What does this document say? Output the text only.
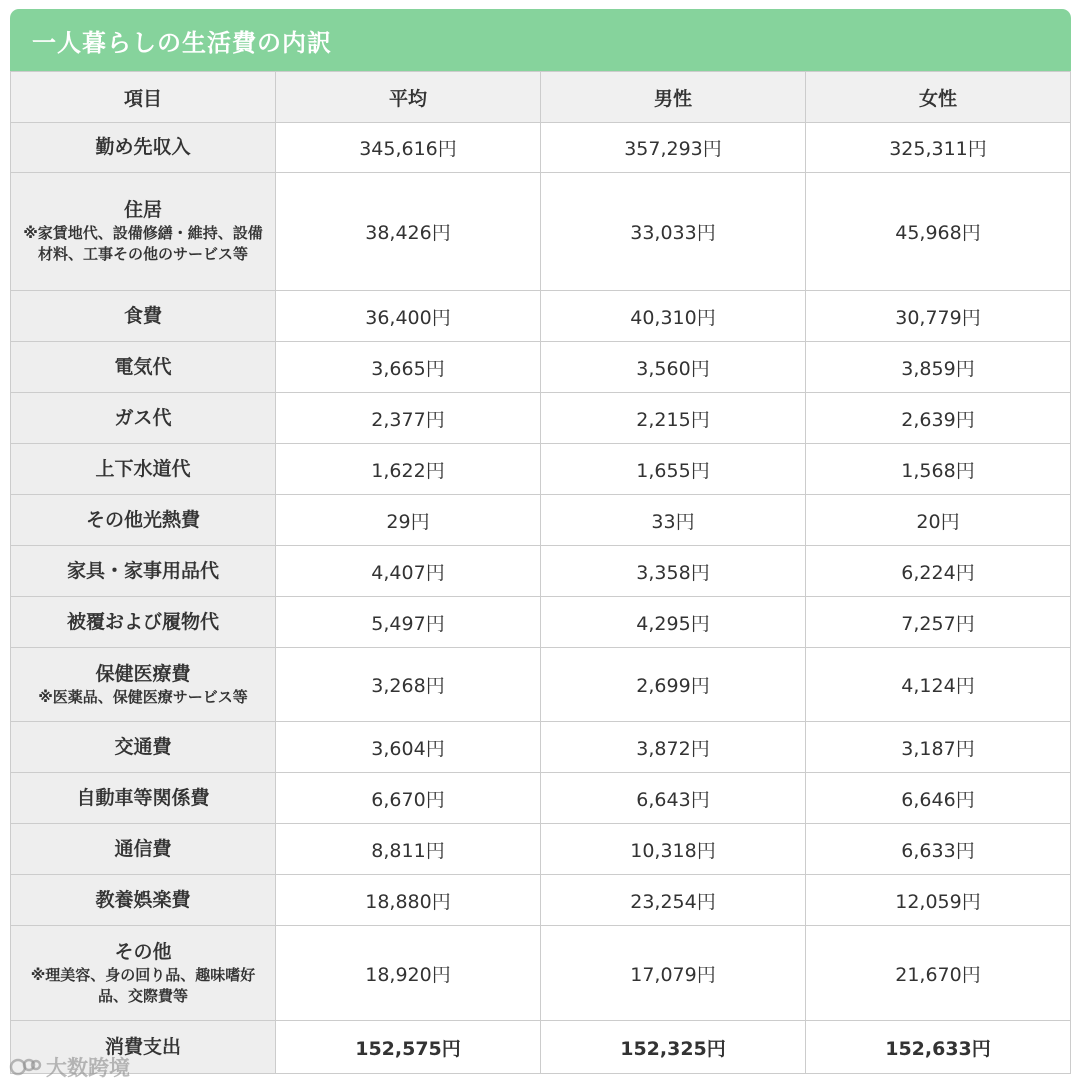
一人暮らしの生活費の内訳
項目	平均	男性	女性

勤め先収入	345,616円	357,293円	325,311円

住居
※家賃地代、設備修繕・維持、設備材料、工事その他のサービス等	38,426円	33,033円	45,968円

食費	36,400円	40,310円	30,779円

電気代	3,665円	3,560円	3,859円

ガス代	2,377円	2,215円	2,639円

上下水道代	1,622円	1,655円	1,568円

その他光熱費	29円	33円	20円

家具・家事用品代	4,407円	3,358円	6,224円

被覆および履物代	5,497円	4,295円	7,257円

保健医療費
※医薬品、保健医療サービス等	3,268円	2,699円	4,124円

交通費	3,604円	3,872円	3,187円

自動車等関係費	6,670円	6,643円	6,646円

通信費	8,811円	10,318円	6,633円

教養娯楽費	18,880円	23,254円	12,059円

その他
※理美容、身の回り品、趣味嗜好品、交際費等	18,920円	17,079円	21,670円

消費支出	152,575円	152,325円	152,633円
大数跨境
